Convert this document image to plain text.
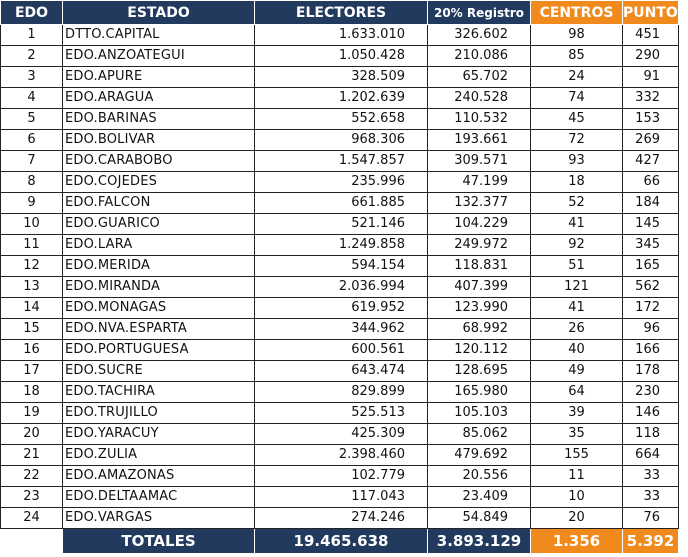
EDO	ESTADO	ELECTORES	20% Registro	CENTROS	PUNTOS
1	DTTO.CAPITAL	1.633.010	326.602	98	451
2	EDO.ANZOATEGUI	1.050.428	210.086	85	290
3	EDO.APURE	328.509	65.702	24	91
4	EDO.ARAGUA	1.202.639	240.528	74	332
5	EDO.BARINAS	552.658	110.532	45	153
6	EDO.BOLIVAR	968.306	193.661	72	269
7	EDO.CARABOBO	1.547.857	309.571	93	427
8	EDO.COJEDES	235.996	47.199	18	66
9	EDO.FALCON	661.885	132.377	52	184
10	EDO.GUARICO	521.146	104.229	41	145
11	EDO.LARA	1.249.858	249.972	92	345
12	EDO.MERIDA	594.154	118.831	51	165
13	EDO.MIRANDA	2.036.994	407.399	121	562
14	EDO.MONAGAS	619.952	123.990	41	172
15	EDO.NVA.ESPARTA	344.962	68.992	26	96
16	EDO.PORTUGUESA	600.561	120.112	40	166
17	EDO.SUCRE	643.474	128.695	49	178
18	EDO.TACHIRA	829.899	165.980	64	230
19	EDO.TRUJILLO	525.513	105.103	39	146
20	EDO.YARACUY	425.309	85.062	35	118
21	EDO.ZULIA	2.398.460	479.692	155	664
22	EDO.AMAZONAS	102.779	20.556	11	33
23	EDO.DELTAAMAC	117.043	23.409	10	33
24	EDO.VARGAS	274.246	54.849	20	76
	TOTALES	19.465.638	3.893.129	1.356	5.392
